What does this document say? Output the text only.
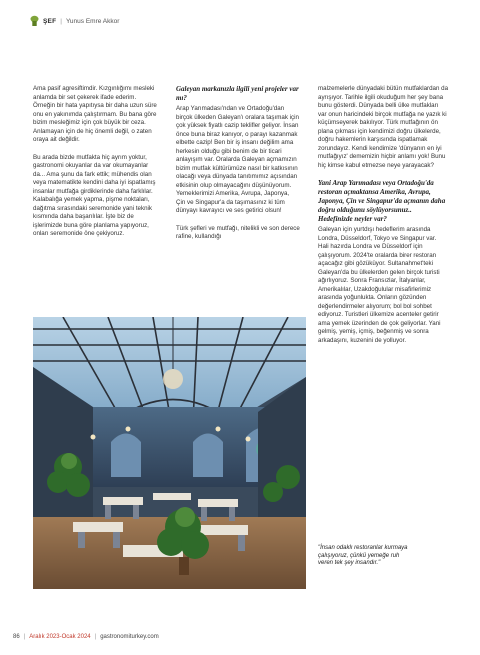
ŞEF | Yunus Emre Akkor

Ama pasif agresiftimdir. Kızgınlığımı mesleki anlamda bir set çekerek ifade ederim. Örneğin bir hata yapıtıysa bir daha uzun süre onu en yakınımda çalıştırmam. Bu bana göre bizim mesleğimiz için çok büyük bir ceza. Anlamayan için de hiç önemli değil, o zaten oraya ait değildir.

Bu arada bizde mutfakta hiç ayrım yoktur, gastronomi okuyanlar da var okumayanlar da... Ama şunu da fark ettik; mühendis olan veya matematikte kendini daha iyi ispatlamış insanlar mutfağa girdiklerinde daha farklılar. Kalabalığa yemek yapma, pişme noktaları, dağıtma sırasındaki seremonide yani teknik kısmında daha başarılılar. İşte biz de işlerimizde buna göre planlama yapıyoruz, onları seremonide öne çekiyoruz.

Galeyan markanızla ilgili yeni projeler var mı?

Arap Yarımadası'ndan ve Ortadoğu'dan birçok ülkeden Galeyan'ı oralara taşımak için çok yüksek fiyatlı cazip teklifler geliyor. İnsan önce buna biraz kanıyor, o parayı kazanmak elbette cazip! Ben bir iş insanı değilim ama herkesin olduğu gibi benim de bir ticari anlayışım var. Oralarda Galeyan açmamızın bizim mutfak kültürümüze nasıl bir katkısının olacağı veya dünyada tanıtımımız açısından etkisinin olup olmayacağını düşünüyorum. Yemeklerimizi Amerika, Avrupa, Japonya, Çin ve Singapur'a da taşımasınız ki tüm dünyayı kavrayıcı ve ses getirici olsun!

Türk şefleri ve mutfağı, nitelikli ve son derece rafine, kullandığı

malzemelerle dünyadaki bütün mutfaklardan da ayrışıyor. Tarihle ilgili okuduğum her şey bana bunu gösterdi. Dünyada belli ülke mutfakları var onun haricindeki birçok mutfağa ne yazık ki küçümseyerek bakılıyor. Türk mutfağının ön plana çıkması için kendimizi doğru ülkelerde, doğru hakemlerin karşısında ispatlamak zorundayız. Kendi kendimize 'dünyanın en iyi mutfağıyız' dememizin hiçbir anlamı yok! Bunu hiç kimse kabul etmezse neye yarayacak?

Yani Arap Yarımadası veya Ortadoğu'da restoran açmaktansa Amerika, Avrupa, Japonya, Çin ve Singapur'da açmanın daha doğru olduğunu söylüyorsunuz.. Hedefinizde neyler var?

Galeyan için yurtdışı hedeflerim arasında Londra, Düsseldorf, Tokyo ve Singapur var. Hali hazırda Londra ve Düsseldorf için çalışıyorum. 2024'te oralarda birer restoran açacağız gibi gözüküyor. Sultanahmet'teki Galeyan'da bu ülkelerden gelen birçok turisti ağırlıyoruz. Sonra Fransızlar, İtalyanlar, Amerikalılar, Uzakdoğulular misafirlerimiz arasında yoğunlukta. Onların gözünden değerlendirmeler alıyorum; bol bol sohbet ediyoruz. Turistleri ülkemize acenteler getirir ama yemek üzerinden de çok geliyorlar. Yani gelmiş, yemiş, içmiş, beğenmiş ve sonra arkadaşını, kuzenini de yolluyor.

"İnsan odaklı restoranlar kurmaya çalışıyoruz, çünkü yemeğe ruh veren tek şey insandır."
86 | Aralık 2023-Ocak 2024 | gastronomiturkey.com
